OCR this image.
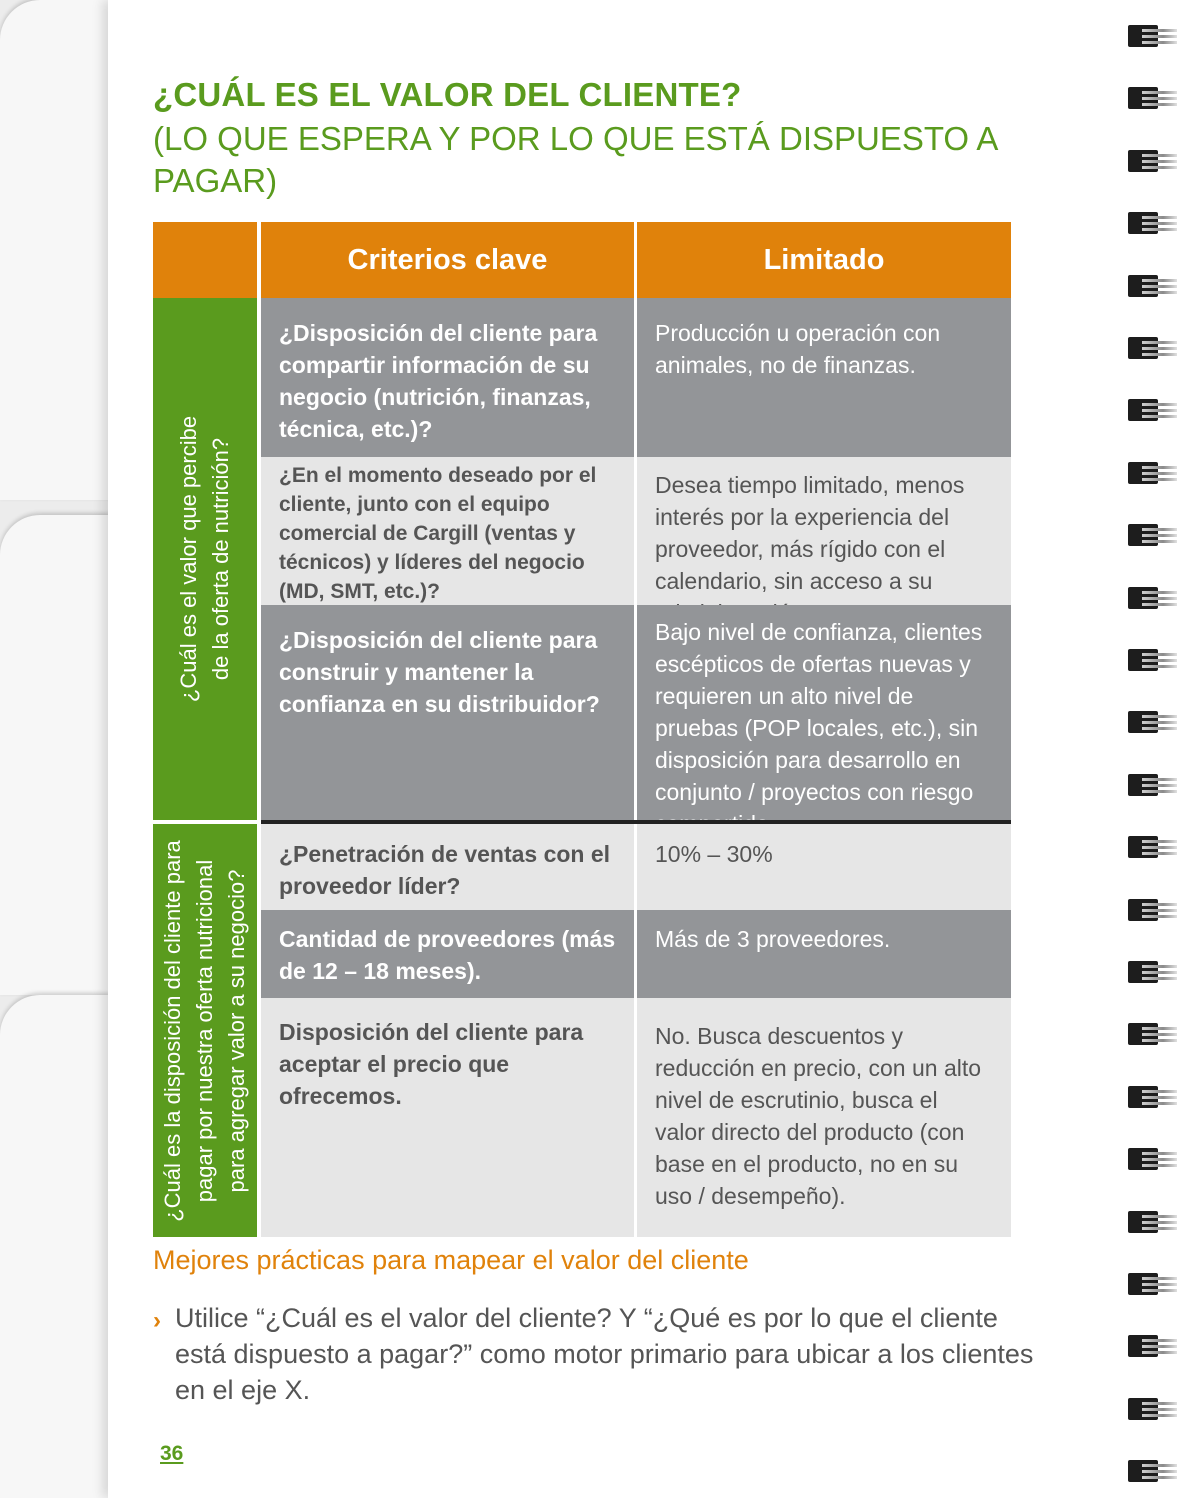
¿CUÁL ES EL VALOR DEL CLIENTE?
(LO QUE ESPERA Y POR LO QUE ESTÁ DISPUESTO A PAGAR)
Criterios clave	Limitado
¿Cuál es el valor que percibe de la oferta de nutrición?
¿Cuál es la disposición del cliente para pagar por nuestra oferta nutricional para agregar valor a su negocio?
¿Disposición del cliente para compartir información de su negocio (nutrición, finanzas, técnica, etc.)?
Producción u operación con animales, no de finanzas.
¿En el momento deseado por el cliente, junto con el equipo comercial de Cargill (ventas y técnicos) y líderes del negocio (MD, SMT, etc.)?
Desea tiempo limitado, menos interés por la experiencia del proveedor, más rígido con el calendario, sin acceso a su
¿Disposición del cliente para construir y mantener la confianza en su distribuidor?
Bajo nivel de confianza, clientes escépticos de ofertas nuevas y requieren un alto nivel de pruebas (POP locales, etc.), sin disposición para desarrollo en conjunto / proyectos con riesgo
¿Penetración de ventas con el proveedor líder?
10% – 30%
Cantidad de proveedores (más de 12 – 18 meses).
Más de 3 proveedores.
Disposición del cliente para aceptar el precio que ofrecemos.
No. Busca descuentos y reducción en precio, con un alto nivel de escrutinio, busca el valor directo del producto (con base en el producto, no en su uso / desempeño).
Mejores prácticas para mapear el valor del cliente
› Utilice “¿Cuál es el valor del cliente? Y “¿Qué es por lo que el cliente está dispuesto a pagar?” como motor primario para ubicar a los clientes en el eje X.
36
